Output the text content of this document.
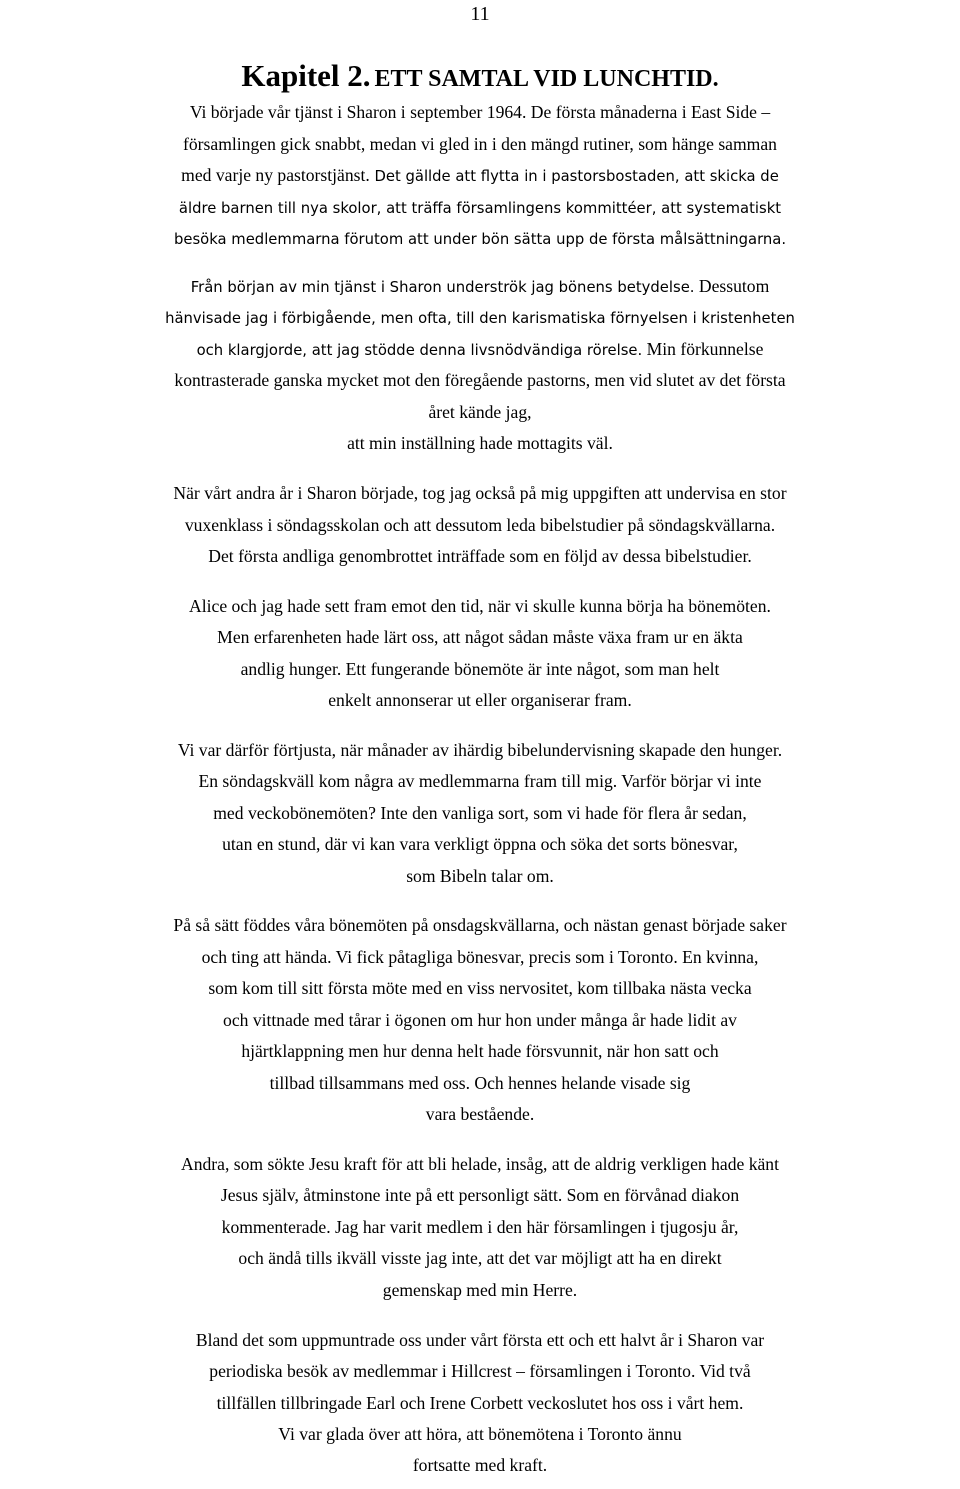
11
Kapitel 2. ETT SAMTAL VID LUNCHTID.
Vi började vår tjänst i Sharon i september 1964. De första månaderna i East Side –
församlingen gick snabbt, medan vi gled in i den mängd rutiner, som hänge samman
med varje ny pastorstjänst. Det gällde att flytta in i pastorsbostaden, att skicka de
äldre barnen till nya skolor, att träffa församlingens kommittéer, att systematiskt
besöka medlemmarna förutom att under bön sätta upp de första målsättningarna.
Från början av min tjänst i Sharon underströk jag bönens betydelse. Dessutom
hänvisade jag i förbigående, men ofta, till den karismatiska förnyelsen i kristenheten
och klargjorde, att jag stödde denna livsnödvändiga rörelse. Min förkunnelse
kontrasterade ganska mycket mot den föregående pastorns, men vid slutet av det första
året kände jag,
att min inställning hade mottagits väl.
När vårt andra år i Sharon började, tog jag också på mig uppgiften att undervisa en stor
vuxenklass i söndagsskolan och att dessutom leda bibelstudier på söndagskvällarna.
Det första andliga genombrottet inträffade som en följd av dessa bibelstudier.
Alice och jag hade sett fram emot den tid, när vi skulle kunna börja ha bönemöten.
Men erfarenheten hade lärt oss, att något sådan måste växa fram ur en äkta
andlig hunger. Ett fungerande bönemöte är inte något, som man helt
enkelt annonserar ut eller organiserar fram.
Vi var därför förtjusta, när månader av ihärdig bibelundervisning skapade den hunger.
En söndagskväll kom några av medlemmarna fram till mig. Varför börjar vi inte
med veckobönemöten? Inte den vanliga sort, som vi hade för flera år sedan,
utan en stund, där vi kan vara verkligt öppna och söka det sorts bönesvar,
som Bibeln talar om.
På så sätt föddes våra bönemöten på onsdagskvällarna, och nästan genast började saker
och ting att hända. Vi fick påtagliga bönesvar, precis som i Toronto. En kvinna,
som kom till sitt första möte med en viss nervositet, kom tillbaka nästa vecka
och vittnade med tårar i ögonen om hur hon under många år hade lidit av
hjärtklappning men hur denna helt hade försvunnit, när hon satt och
tillbad tillsammans med oss. Och hennes helande visade sig
vara bestående.
Andra, som sökte Jesu kraft för att bli helade, insåg, att de aldrig verkligen hade känt
Jesus själv, åtminstone inte på ett personligt sätt. Som en förvånad diakon
kommenterade. Jag har varit medlem i den här församlingen i tjugosju år,
och ändå tills ikväll visste jag inte, att det var möjligt att ha en direkt
gemenskap med min Herre.
Bland det som uppmuntrade oss under vårt första ett och ett halvt år i Sharon var
periodiska besök av medlemmar i Hillcrest – församlingen i Toronto. Vid två
tillfällen tillbringade Earl och Irene Corbett veckoslutet hos oss i vårt hem.
Vi var glada över att höra, att bönemötena i Toronto ännu
fortsatte med kraft.
